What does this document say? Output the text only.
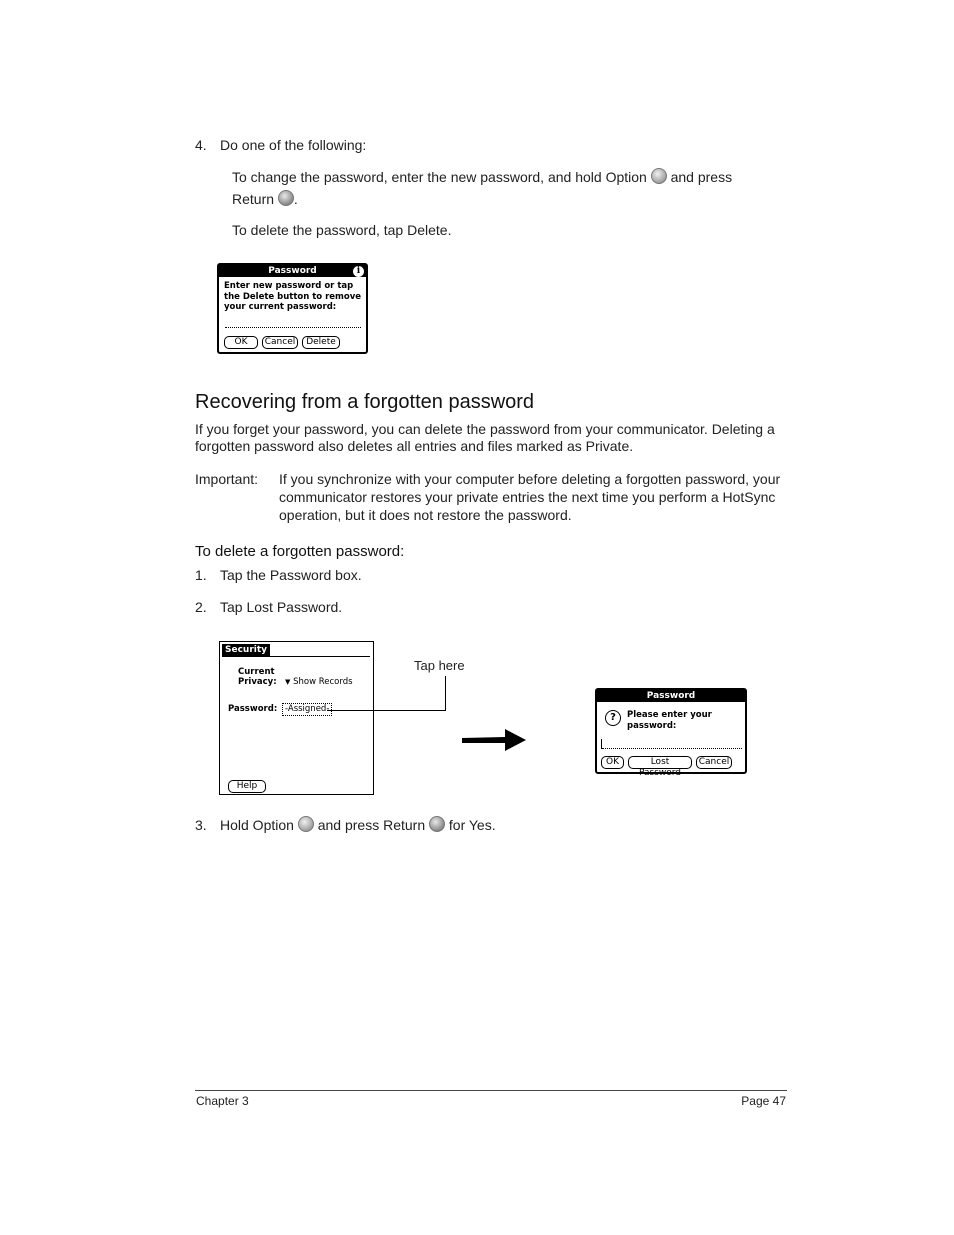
4. Do one of the following:
To change the password, enter the new password, and hold Option and press
Return .
To delete the password, tap Delete.
Password	i
Enter new password or tap
the Delete button to remove
your current password:
OK	Cancel	Delete
Recovering from a forgotten password
If you forget your password, you can delete the password from your communicator. Deleting a
forgotten password also deletes all entries and files marked as Private.
Important: If you synchronize with your computer before deleting a forgotten password, your
communicator restores your private entries the next time you perform a HotSync
operation, but it does not restore the password.
To delete a forgotten password:
1. Tap the Password box.
2. Tap Lost Password.
Security
Current
Privacy: ▼ Show Records
Password: -Assigned-
Help
Tap here
Password
?	Please enter your
password:
OK	Lost Password
Cancel
3. Hold Option and press Return for Yes.
Chapter 3	Page 47
